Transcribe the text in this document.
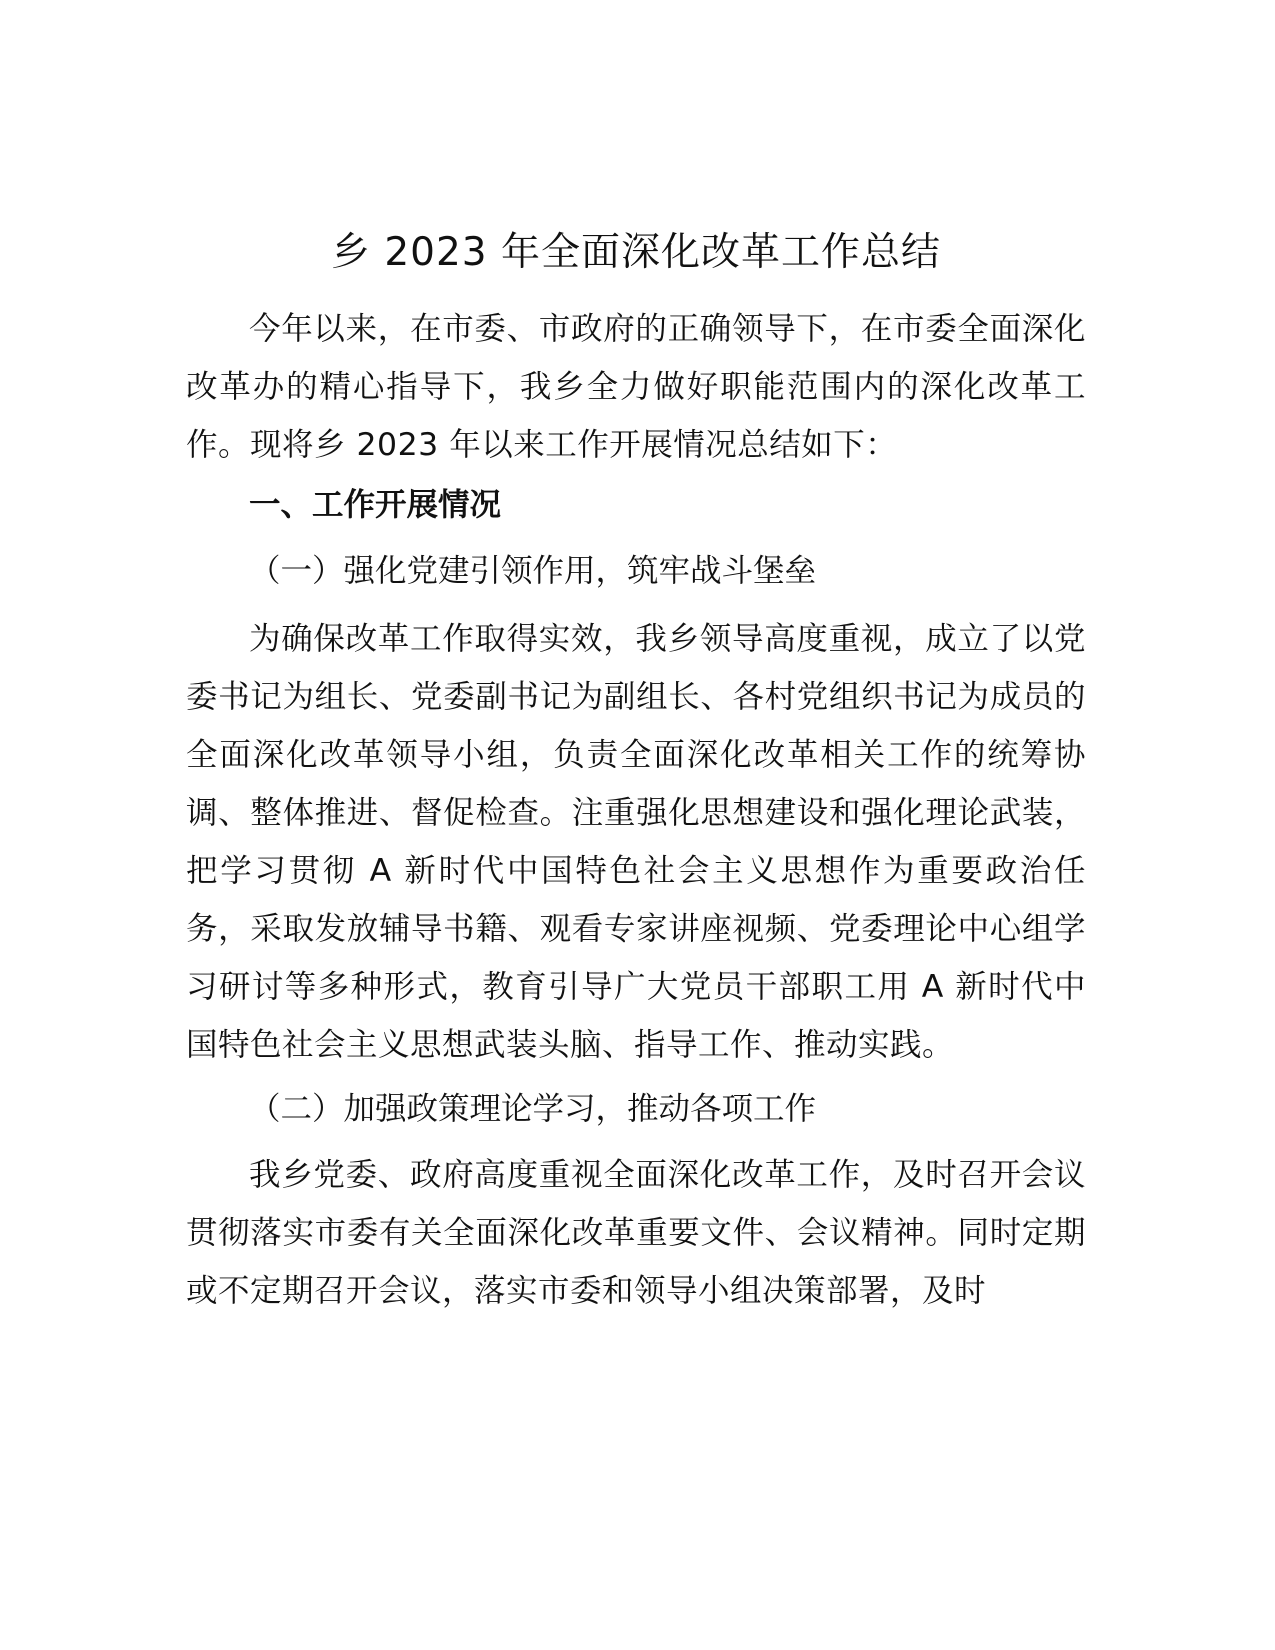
乡 2023 年全面深化改革工作总结

今年以来，在市委、市政府的正确领导下，在市委全面深化改革办的精心指导下，我乡全力做好职能范围内的深化改革工作。现将乡 2023 年以来工作开展情况总结如下：

一、工作开展情况

（一）强化党建引领作用，筑牢战斗堡垒

为确保改革工作取得实效，我乡领导高度重视，成立了以党委书记为组长、党委副书记为副组长、各村党组织书记为成员的全面深化改革领导小组，负责全面深化改革相关工作的统筹协调、整体推进、督促检查。注重强化思想建设和强化理论武装，把学习贯彻 A 新时代中国特色社会主义思想作为重要政治任务，采取发放辅导书籍、观看专家讲座视频、党委理论中心组学习研讨等多种形式，教育引导广大党员干部职工用 A 新时代中国特色社会主义思想武装头脑、指导工作、推动实践。

（二）加强政策理论学习，推动各项工作

我乡党委、政府高度重视全面深化改革工作，及时召开会议贯彻落实市委有关全面深化改革重要文件、会议精神。同时定期或不定期召开会议，落实市委和领导小组决策部署，及时
